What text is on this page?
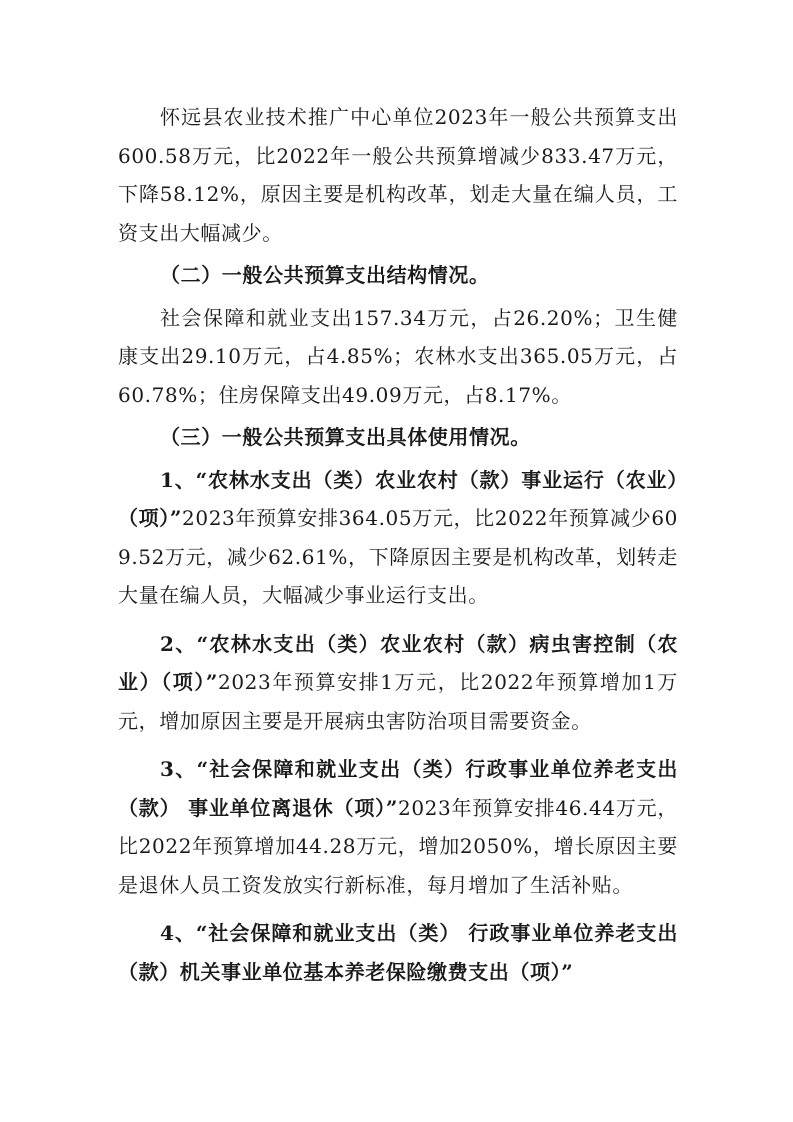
怀远县农业技术推广中心单位2023年一般公共预算支出600.58万元，比2022年一般公共预算增减少833.47万元，下降58.12%，原因主要是机构改革，划走大量在编人员，工资支出大幅减少。

（二）一般公共预算支出结构情况。

社会保障和就业支出157.34万元，占26.20%；卫生健康支出29.10万元，占4.85%；农林水支出365.05万元，占60.78%；住房保障支出49.09万元，占8.17%。

（三）一般公共预算支出具体使用情况。

1、“农林水支出（类）农业农村（款）事业运行（农业）（项）”2023年预算安排364.05万元，比2022年预算减少609.52万元，减少62.61%，下降原因主要是机构改革，划转走大量在编人员，大幅减少事业运行支出。

2、“农林水支出（类）农业农村（款）病虫害控制（农业）（项）”2023年预算安排1万元，比2022年预算增加1万元，增加原因主要是开展病虫害防治项目需要资金。

3、“社会保障和就业支出（类）行政事业单位养老支出（款） 事业单位离退休（项）”2023年预算安排46.44万元，比2022年预算增加44.28万元，增加2050%，增长原因主要是退休人员工资发放实行新标准，每月增加了生活补贴。

4、“社会保障和就业支出（类） 行政事业单位养老支出（款）机关事业单位基本养老保险缴费支出（项）”
